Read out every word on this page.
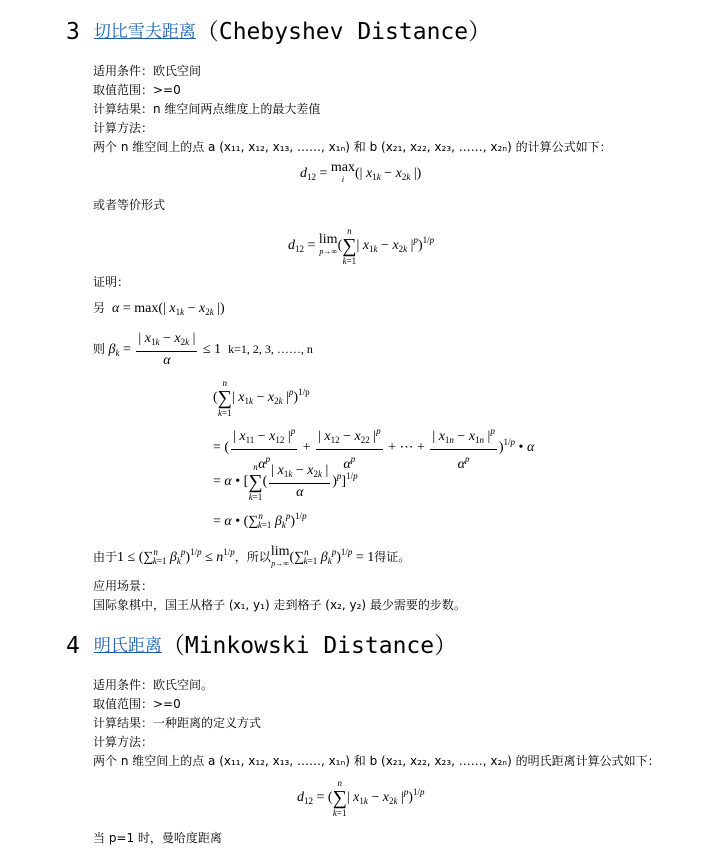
3 切比雪夫距离（Chebyshev Distance）
适用条件：欧氏空间
取值范围：>=0
计算结果：n 维空间两点维度上的最大差值
计算方法：
两个 n 维空间上的点 a (x₁₁, x₁₂, x₁₃, ……, x₁ₙ) 和 b (x₂₁, x₂₂, x₂₃, ……, x₂ₙ) 的计算公式如下：
$d_{12} = \max$
i (| $x_{1k} - x_{2k}$ |)
或者等价形式
$d_{12} = \lim$
p→∞ (
n
∑
k=1
| $x_{1k} - x_{2k}$ $|^p)^{1/p}$
证明：
另 α = max(| $x_{1k} - x_{2k}$ |)
则 $\beta_k = \frac{| x_{1k} - x_{2k} |}{\alpha} \le 1$  k=1, 2, 3, ……, n
(
n
∑
k=1
| $x_{1k} - x_{2k}$ $|^p)^{1/p}$
= ( $\frac{| x_{11} - x_{12} |^p}{\alpha^p} + \frac{| x_{12} - x_{22} |^p}{\alpha^p}$ + ⋯ + $\frac{| x_{1n} - x_{1n} |^p}{\alpha^p} )^{1/p}$ • α
= α • [
n
∑
k=1
( $\frac{| x_{1k} - x_{2k} |}{\alpha} )^p]^{1/p}$
= α • (∑$^n_{k=1}$ $\beta_k^p)^{1/p}$
由于1 ≤ (∑$^n_{k=1}$ $\beta_k^p)^{1/p} \le n^{1/p}$，所以lim
p→∞ (∑$^n_{k=1}$ $\beta_k^p)^{1/p} = 1$得证。
应用场景：
国际象棋中，国王从格子 (x₁, y₁) 走到格子 (x₂, y₂) 最少需要的步数。
4 明氏距离（Minkowski Distance）
适用条件：欧氏空间。
取值范围：>=0
计算结果：一种距离的定义方式
计算方法：
两个 n 维空间上的点 a (x₁₁, x₁₂, x₁₃, ……, x₁ₙ) 和 b (x₂₁, x₂₂, x₂₃, ……, x₂ₙ) 的明氏距离计算公式如下：
$d_{12}$ = (
n
∑
k=1
| $x_{1k} - x_{2k}$ $|^p)^{1/p}$
当 p=1 时，曼哈度距离
